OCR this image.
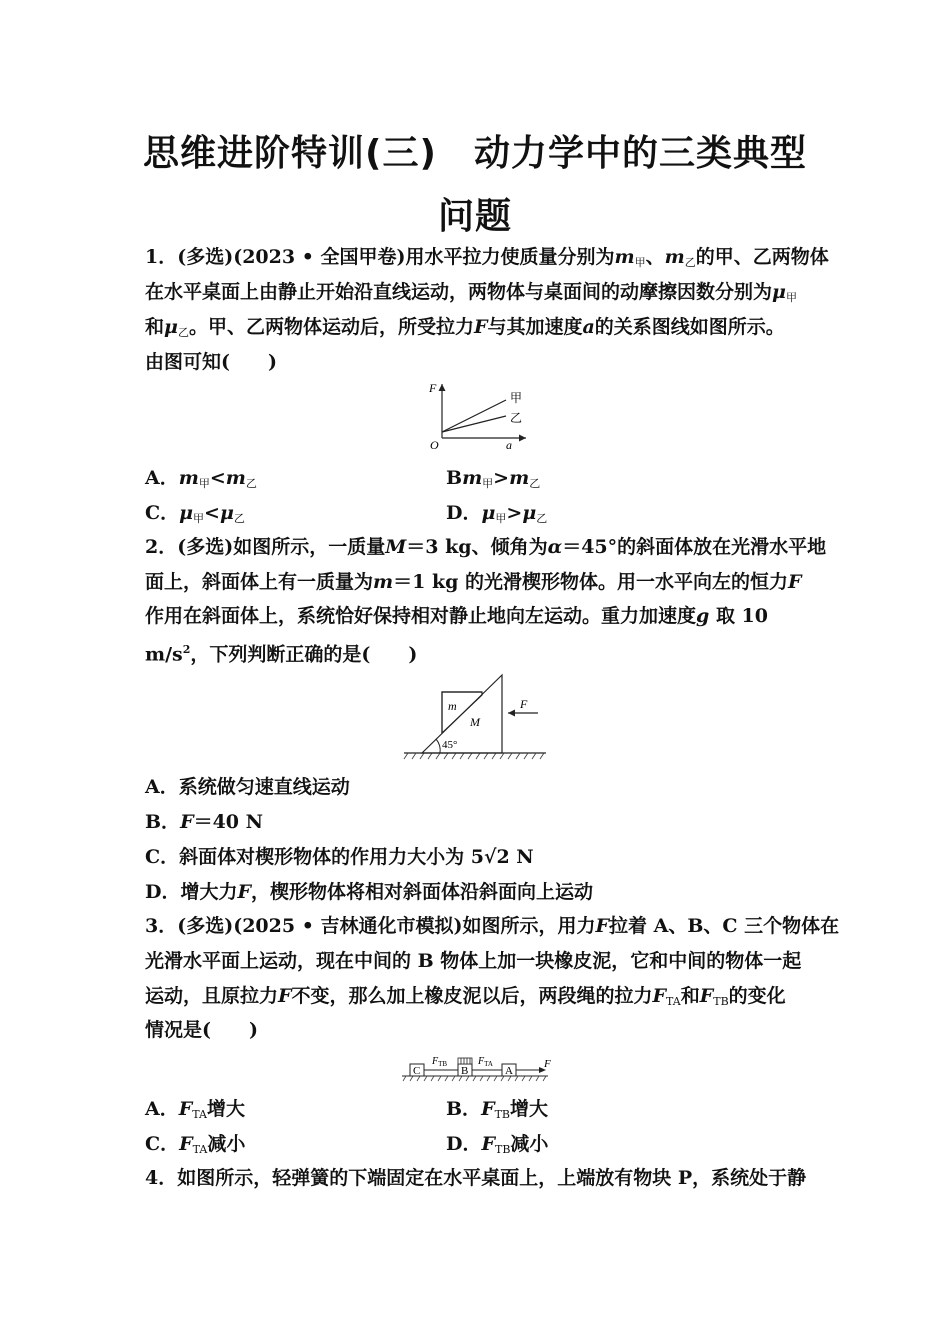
思维进阶特训(三)　动力学中的三类典型
问题
1．(多选)(2023 • 全国甲卷)用水平拉力使质量分别为$m_甲$、$m_乙$的甲、乙两物体
在水平桌面上由静止开始沿直线运动，两物体与桌面间的动摩擦因数分别为$\mu_甲$
和$\mu_乙$。甲、乙两物体运动后，所受拉力F与其加速度a的关系图线如图所示。
由图可知(　　)
F
a
O
甲
乙
A．$m_甲<m_乙$	$Bm_甲>m_乙$
C．$\mu_甲<\mu_乙$	D．$\mu_甲>\mu_乙$
2．(多选)如图所示，一质量M＝3 kg、倾角为α＝45°的斜面体放在光滑水平地
面上，斜面体上有一质量为m＝1 kg 的光滑楔形物体。用一水平向左的恒力F
作用在斜面体上，系统恰好保持相对静止地向左运动。重力加速度g 取 10
$m/s^2$，下列判断正确的是(　　)
m
M
F
45°
A．系统做匀速直线运动
B．F＝40 N
C．斜面体对楔形物体的作用力大小为 5√2 N
D．增大力F，楔形物体将相对斜面体沿斜面向上运动
3．(多选)(2025 • 吉林通化市模拟)如图所示，用力F拉着 A、B、C 三个物体在
光滑水平面上运动，现在中间的 B 物体上加一块橡皮泥，它和中间的物体一起
运动，且原拉力F不变，那么加上橡皮泥以后，两段绳的拉力$F_{TA}$和$F_{TB}$的变化
情况是(　　)
C	B	A
$F_{TB}$	$F_{TA}$	F
A．$F_{TA}$增大	B．$F_{TB}$增大
C．$F_{TA}$减小	D．$F_{TB}$减小
4．如图所示，轻弹簧的下端固定在水平桌面上，上端放有物块 P，系统处于静
